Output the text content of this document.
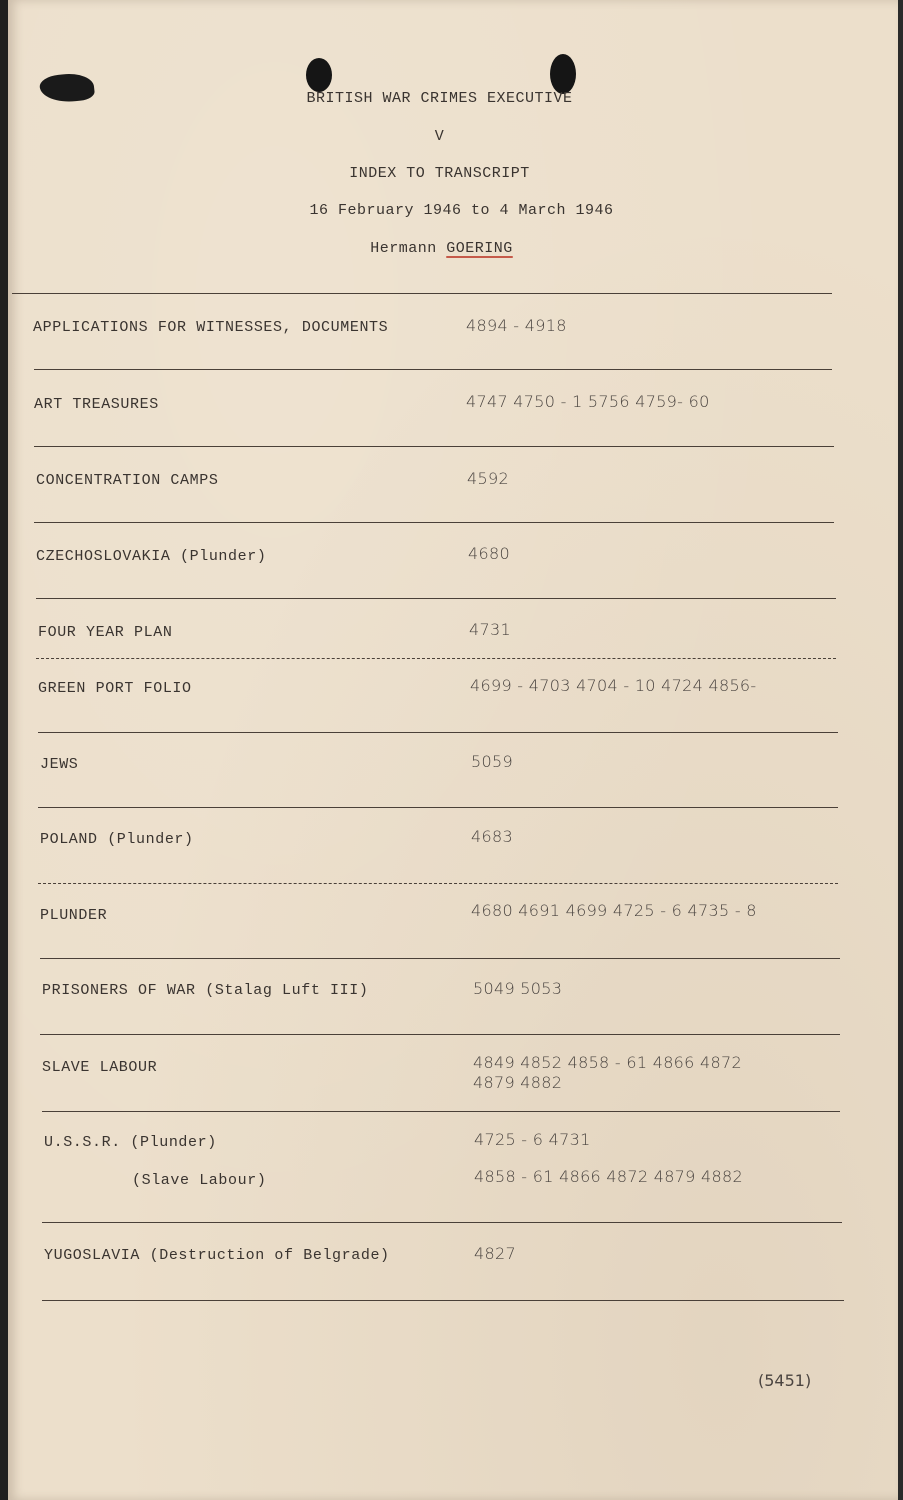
BRITISH WAR CRIMES EXECUTIVE
V
INDEX TO TRANSCRIPT
16 February 1946 to 4 March 1946
Hermann GOERING
APPLICATIONS FOR WITNESSES, DOCUMENTS	4894 - 4918
ART TREASURES	4747 4750 - 1 5756 4759- 60
CONCENTRATION CAMPS	4592
CZECHOSLOVAKIA (Plunder)	4680
FOUR YEAR PLAN	4731
GREEN PORT FOLIO	4699 - 4703 4704 - 10 4724 4856-
JEWS	5059
POLAND (Plunder)	4683
PLUNDER	4680 4691 4699 4725 - 6 4735 - 8
PRISONERS OF WAR (Stalag Luft III)	5049 5053
SLAVE LABOUR	4849 4852 4858 - 61 4866 4872
4879 4882
U.S.S.R. (Plunder)	4725 - 6 4731
(Slave Labour)	4858 - 61 4866 4872 4879 4882
YUGOSLAVIA (Destruction of Belgrade)	4827
(5451)
